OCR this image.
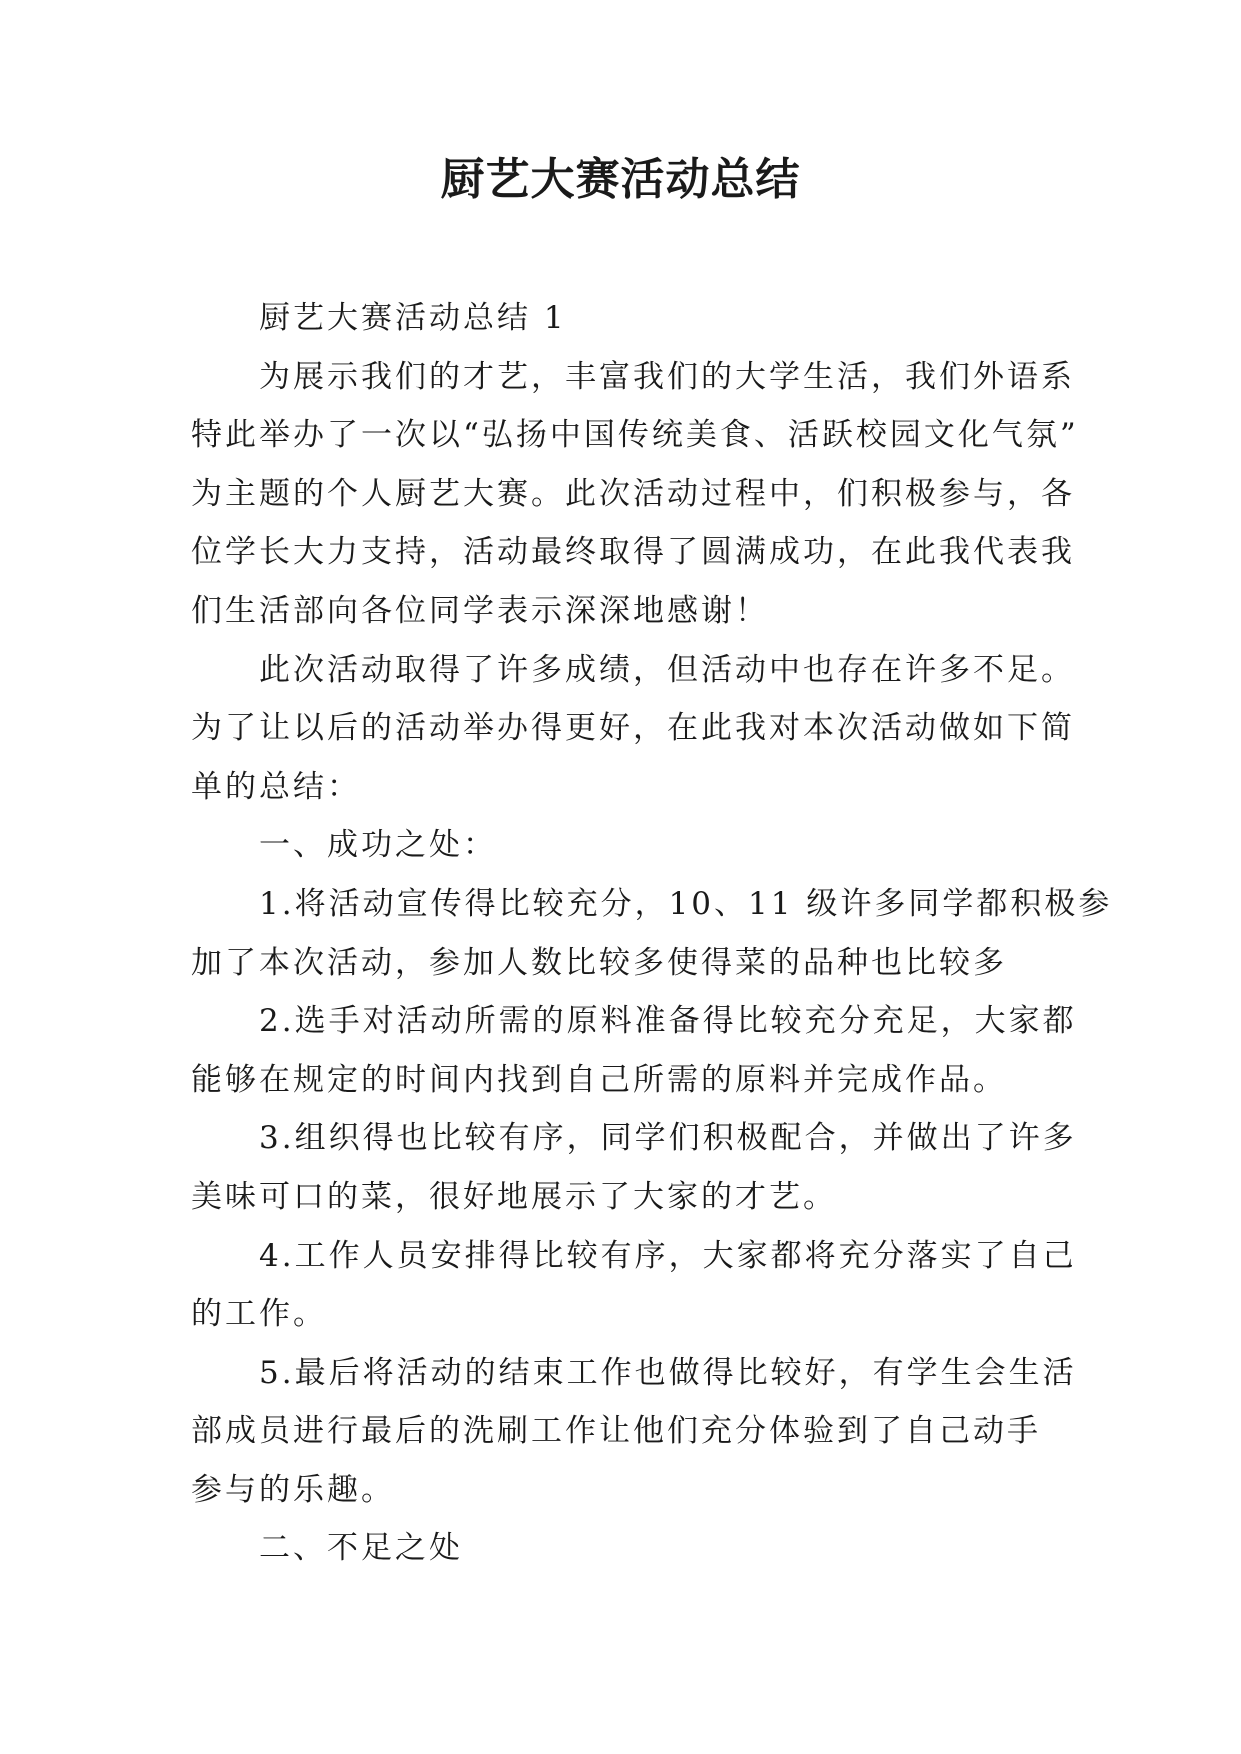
厨艺大赛活动总结

厨艺大赛活动总结 1

为展示我们的才艺，丰富我们的大学生活，我们外语系
特此举办了一次以“弘扬中国传统美食、活跃校园文化气氛”
为主题的个人厨艺大赛。此次活动过程中，们积极参与，各
位学长大力支持，活动最终取得了圆满成功，在此我代表我
们生活部向各位同学表示深深地感谢！

此次活动取得了许多成绩，但活动中也存在许多不足。
为了让以后的活动举办得更好，在此我对本次活动做如下简
单的总结：

一、成功之处：

1.将活动宣传得比较充分，10、11 级许多同学都积极参
加了本次活动，参加人数比较多使得菜的品种也比较多

2.选手对活动所需的原料准备得比较充分充足，大家都
能够在规定的时间内找到自己所需的原料并完成作品。

3.组织得也比较有序，同学们积极配合，并做出了许多
美味可口的菜，很好地展示了大家的才艺。

4.工作人员安排得比较有序，大家都将充分落实了自己
的工作。

5.最后将活动的结束工作也做得比较好，有学生会生活
部成员进行最后的洗刷工作让他们充分体验到了自己动手
参与的乐趣。

二、不足之处
